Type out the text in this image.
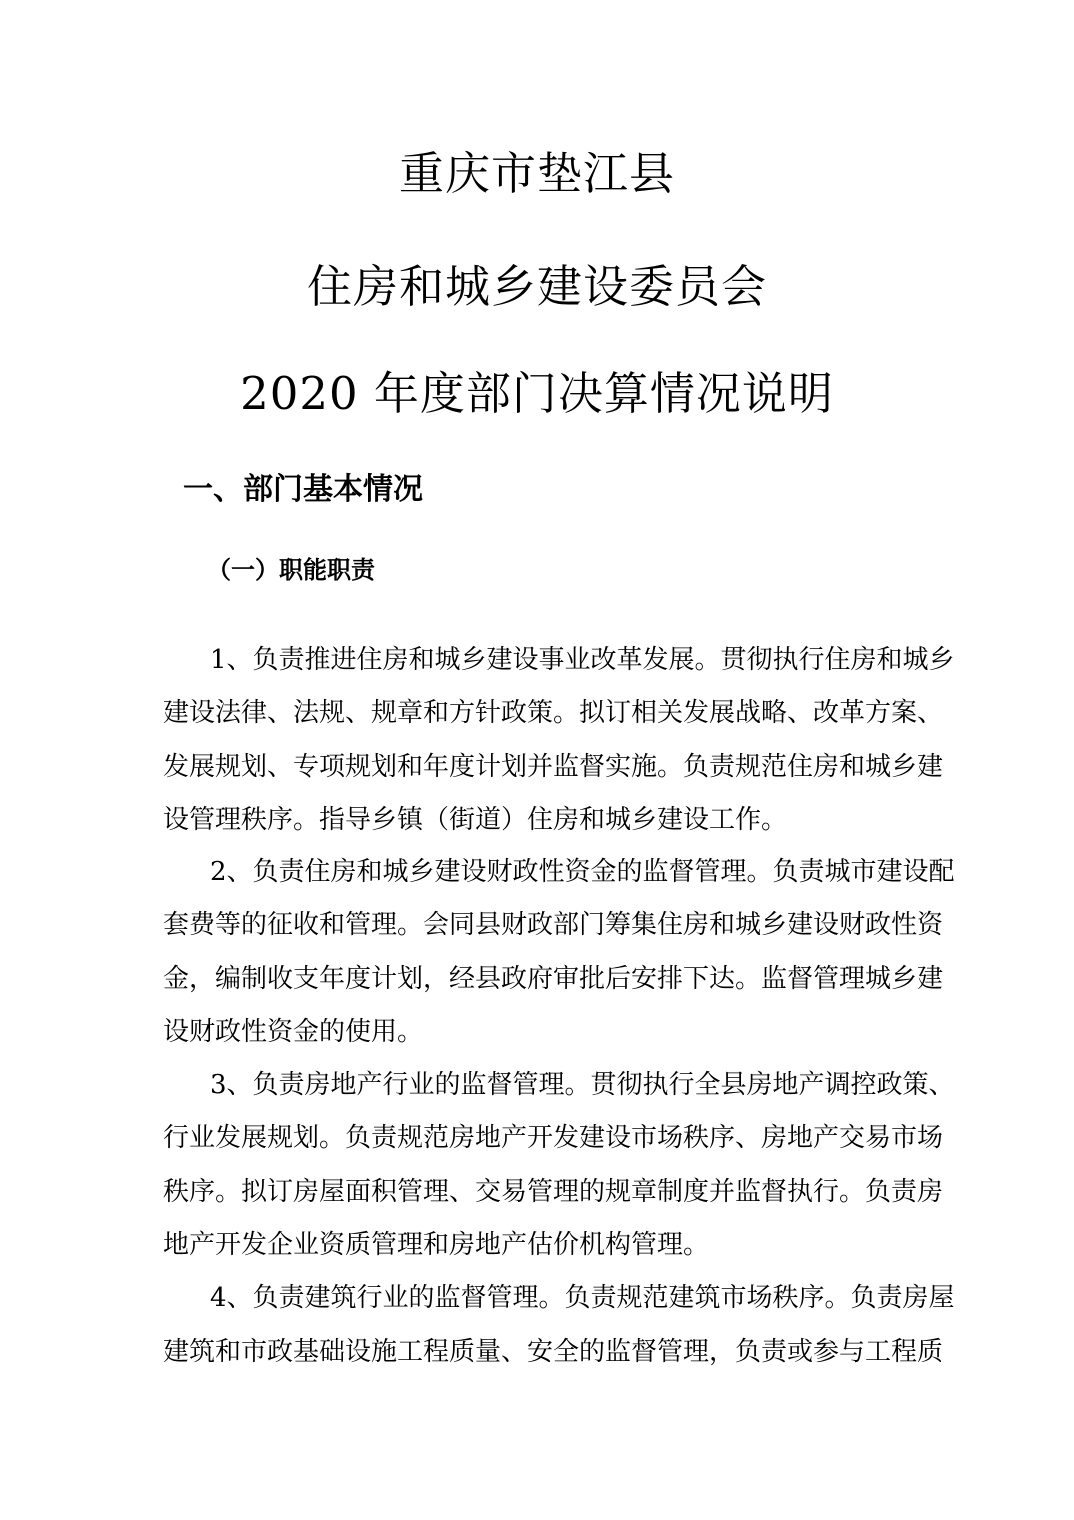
重庆市垫江县
住房和城乡建设委员会
2020 年度部门决算情况说明
一、部门基本情况
（一）职能职责
1、负责推进住房和城乡建设事业改革发展。贯彻执行住房和城乡
建设法律、法规、规章和方针政策。拟订相关发展战略、改革方案、
发展规划、专项规划和年度计划并监督实施。负责规范住房和城乡建
设管理秩序。指导乡镇（街道）住房和城乡建设工作。
2、负责住房和城乡建设财政性资金的监督管理。负责城市建设配
套费等的征收和管理。会同县财政部门筹集住房和城乡建设财政性资
金，编制收支年度计划，经县政府审批后安排下达。监督管理城乡建
设财政性资金的使用。
3、负责房地产行业的监督管理。贯彻执行全县房地产调控政策、
行业发展规划。负责规范房地产开发建设市场秩序、房地产交易市场
秩序。拟订房屋面积管理、交易管理的规章制度并监督执行。负责房
地产开发企业资质管理和房地产估价机构管理。
4、负责建筑行业的监督管理。负责规范建筑市场秩序。负责房屋
建筑和市政基础设施工程质量、安全的监督管理，负责或参与工程质
